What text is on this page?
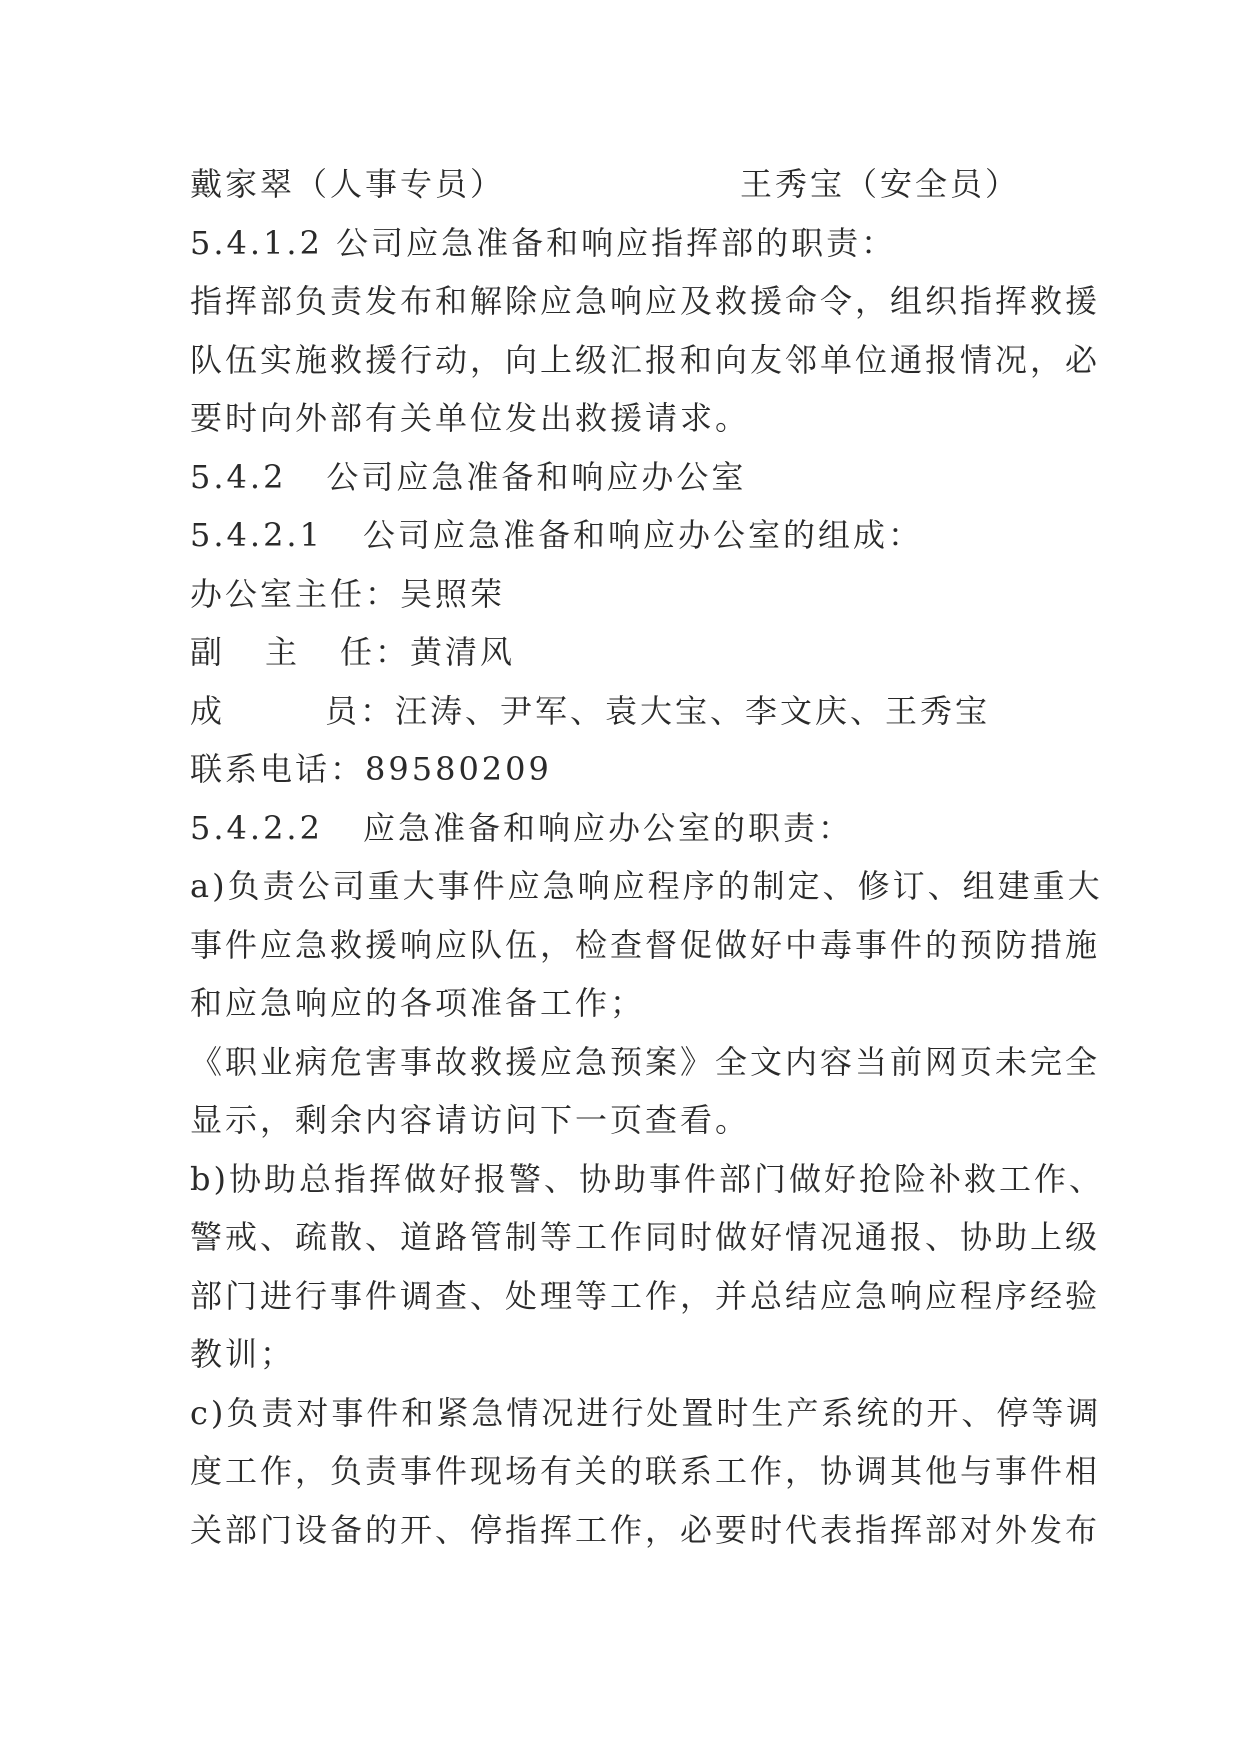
戴家翠（人事专员）	王秀宝（安全员）
5.4.1.2 公司应急准备和响应指挥部的职责：
指挥部负责发布和解除应急响应及救援命令，组织指挥救援
队伍实施救援行动，向上级汇报和向友邻单位通报情况，必
要时向外部有关单位发出救援请求。
5.4.2 公司应急准备和响应办公室
5.4.2.1 公司应急准备和响应办公室的组成：
办公室主任：吴照荣
副 主 任：黄清风
成	员：汪涛、尹军、袁大宝、李文庆、王秀宝
联系电话：89580209
5.4.2.2 应急准备和响应办公室的职责：
a)负责公司重大事件应急响应程序的制定、修订、组建重大
事件应急救援响应队伍，检查督促做好中毒事件的预防措施
和应急响应的各项准备工作；
《职业病危害事故救援应急预案》全文内容当前网页未完全
显示，剩余内容请访问下一页查看。
b)协助总指挥做好报警、协助事件部门做好抢险补救工作、
警戒、疏散、道路管制等工作同时做好情况通报、协助上级
部门进行事件调查、处理等工作，并总结应急响应程序经验
教训；
c)负责对事件和紧急情况进行处置时生产系统的开、停等调
度工作，负责事件现场有关的联系工作，协调其他与事件相
关部门设备的开、停指挥工作，必要时代表指挥部对外发布
